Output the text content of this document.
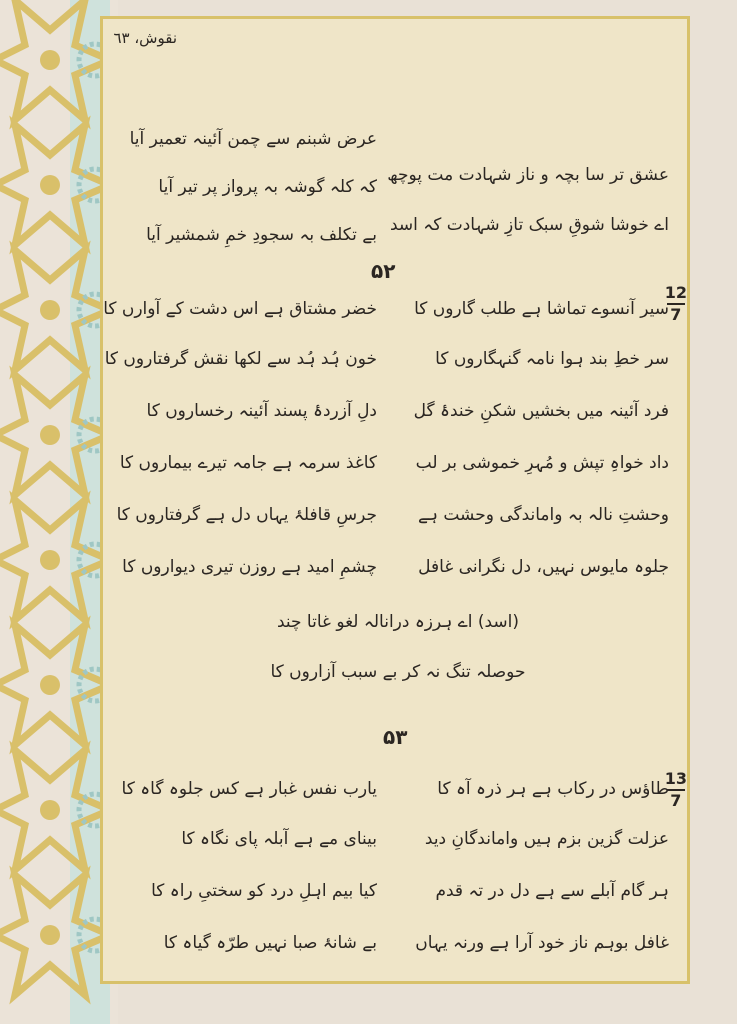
نقوش، ٦٣
عرض شبنم سے چمن آئینہ تعمیر آیا
کہ کلہ گوشہ بہ پرواز پر تیر آیا
بے تکلف بہ سجودِ خمِ شمشیر آیا
عشق تر سا بچہ و ناز شہادت مت پوچھ
اے خوشا شوقِ سبک تازِ شہادت کہ اسد
۵۲
12
7
سیر آنسوے تماشا ہے طلب گاروں کا
سر خطِ بند ہوا نامہ گنہگاروں کا
فرد آئینہ میں بخشیں شکنِ خندۂ گل
داد خواہِ تپش و مُہرِ خموشی بر لب
وحشتِ نالہ بہ واماندگی وحشت ہے
جلوہ مایوس نہیں، دل نگرانی غافل
خضر مشتاق ہے اس دشت کے آوارں کا
خون ہُد ہُد سے لکھا نقش گرفتاروں کا
دلِ آزردۂ پسند آئینہ رخساروں کا
کاغذ سرمہ ہے جامہ تیرے بیماروں کا
جرسِ قافلۂ یہاں دل ہے گرفتاروں کا
چشمِ امید ہے روزن تیری دیواروں کا
(اسد) اے ہرزہ درانالہ لغو غاتا چند
حوصلہ تنگ نہ کر بے سبب آزاروں کا
۵۳
13
7
طاؤس در رکاب ہے ہر ذرہ آہ کا
عزلت گزین بزم ہیں واماندگانِ دید
ہر گام آبلے سے ہے دل در تہ قدم
غافل بوہم ناز خود آرا ہے ورنہ یہاں
یارب نفس غبار ہے کس جلوہ گاہ کا
بینای مے ہے آبلہ پای نگاہ کا
کیا بیم اہلِ درد کو سختیِ راہ کا
بے شانۂ صبا نہیں طرّہ گیاہ کا
